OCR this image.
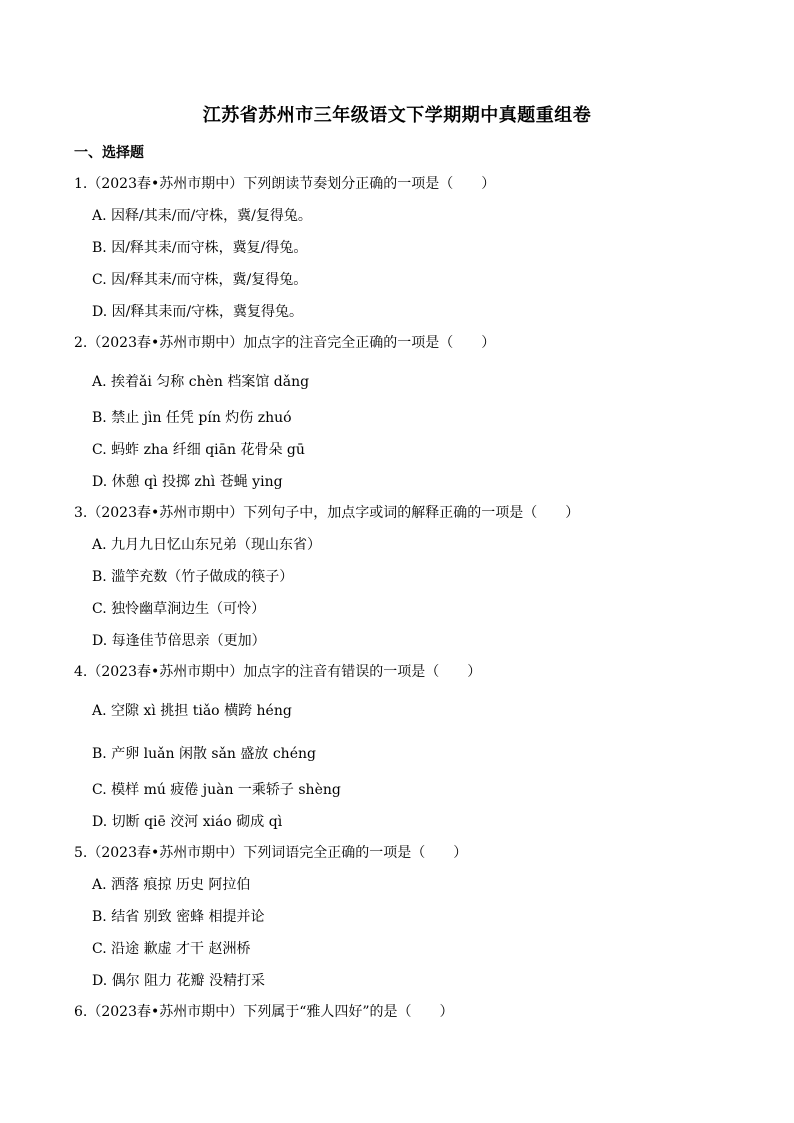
江苏省苏州市三年级语文下学期期中真题重组卷
一、选择题
1.（2023春•苏州市期中）下列朗读节奏划分正确的一项是（　　）
A. 因释/其耒/而/守株，冀/复得兔。
B. 因/释其耒/而守株，冀复/得兔。
C. 因/释其耒/而守株，冀/复得兔。
D. 因/释其耒而/守株，冀复得兔。
2.（2023春•苏州市期中）加点字的注音完全正确的一项是（　　）
A. 挨着ǎi 匀称 chèn 档案馆 dǎng
B. 禁止 jìn 任凭 pín 灼伤 zhuó
C. 蚂蚱 zha 纤细 qiān 花骨朵 gū
D. 休憩 qì 投掷 zhì 苍蝇 ying
3.（2023春•苏州市期中）下列句子中，加点字或词的解释正确的一项是（　　）
A. 九月九日忆山东兄弟（现山东省）
B. 滥竽充数（竹子做成的筷子）
C. 独怜幽草涧边生（可怜）
D. 每逢佳节倍思亲（更加）
4.（2023春•苏州市期中）加点字的注音有错误的一项是（　　）
A. 空隙 xì 挑担 tiǎo 横跨 héng
B. 产卵 luǎn 闲散 sǎn 盛放 chéng
C. 模样 mú 疲倦 juàn 一乘轿子 shèng
D. 切断 qiē 洨河 xiáo 砌成 qì
5.（2023春•苏州市期中）下列词语完全正确的一项是（　　）
A. 洒落 痕掠 历史 阿拉伯
B. 结省 别致 密蜂 相提并论
C. 沿途 歉虚 才干 赵洲桥
D. 偶尔 阻力 花瓣 没精打采
6.（2023春•苏州市期中）下列属于“雅人四好”的是（　　）
